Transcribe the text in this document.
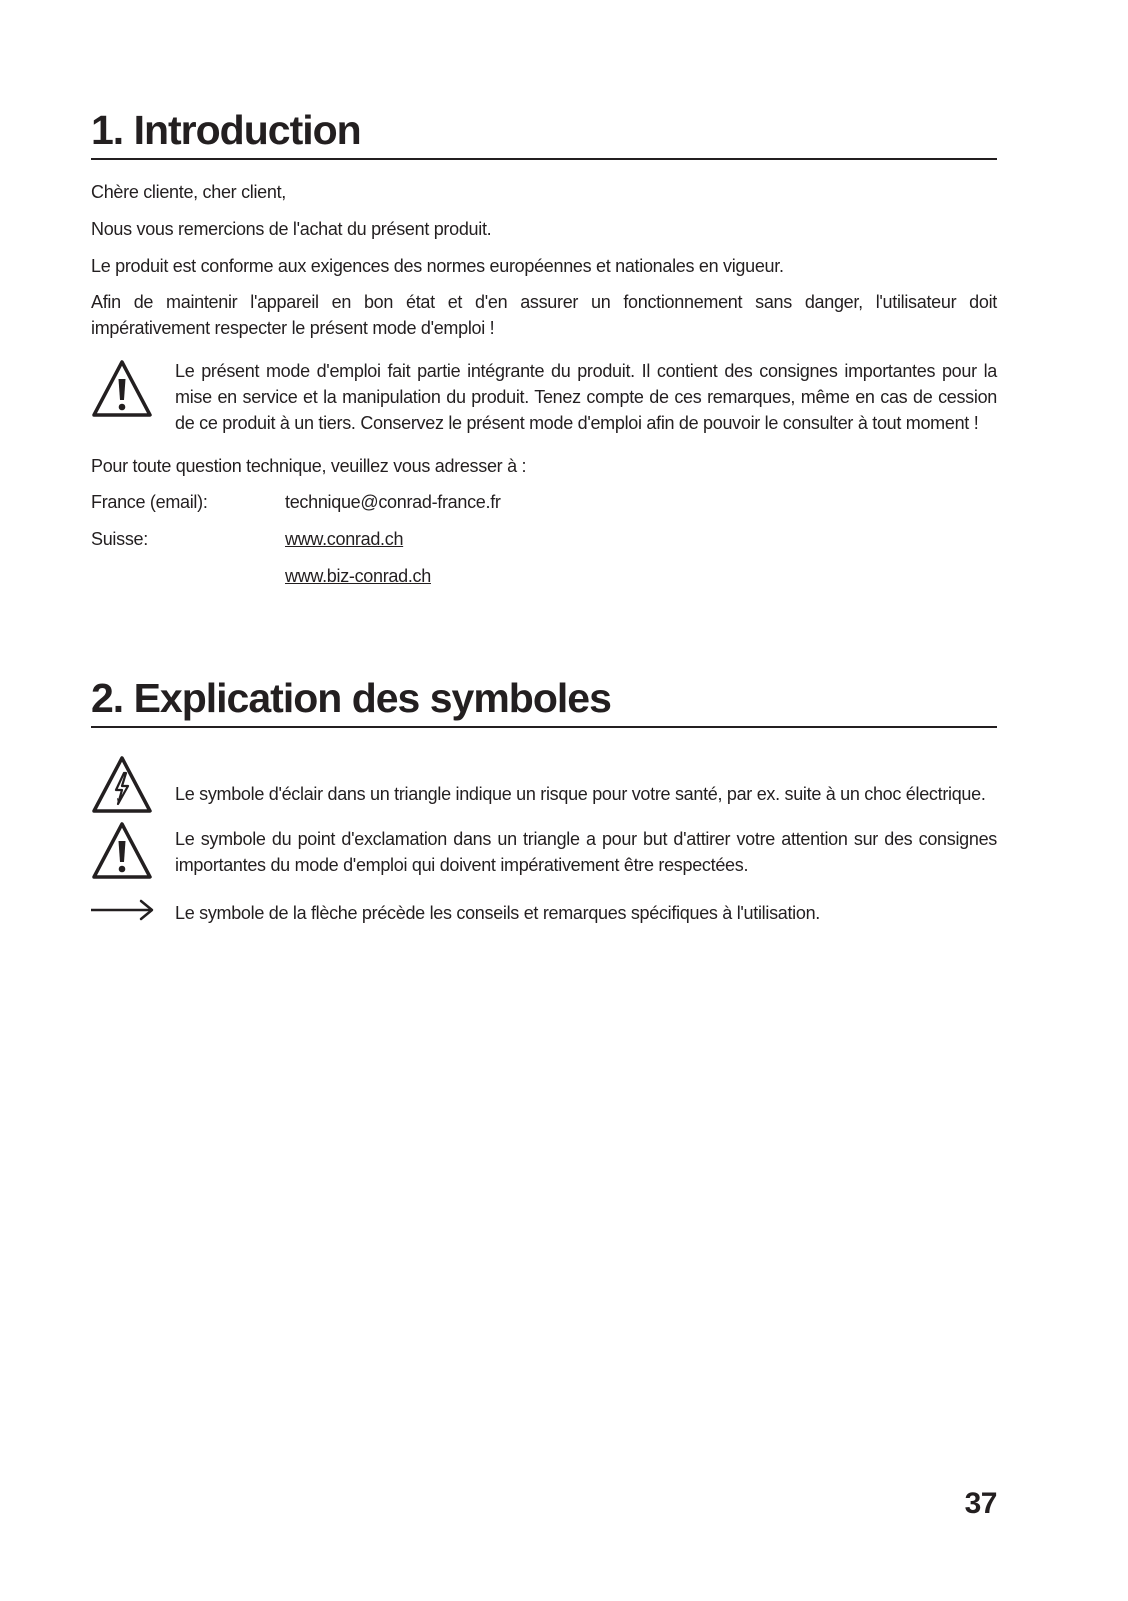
1. Introduction

Chère cliente, cher client,

Nous vous remercions de l'achat du présent produit.

Le produit est conforme aux exigences des normes européennes et nationales en vigueur.

Afin de maintenir l'appareil en bon état et d'en assurer un fonctionnement sans danger, l'utilisateur doit impérativement respecter le présent mode d'emploi !

Le présent mode d'emploi fait partie intégrante du produit. Il contient des consignes importantes pour la mise en service et la manipulation du produit. Tenez compte de ces remarques, même en cas de cession de ce produit à un tiers. Conservez le présent mode d'emploi afin de pouvoir le consulter à tout moment !

Pour toute question technique, veuillez vous adresser à :

France (email):	technique@conrad-france.fr
Suisse:	www.conrad.ch
www.biz-conrad.ch
2. Explication des symboles

Le symbole d'éclair dans un triangle indique un risque pour votre santé, par ex. suite à un choc électrique.

Le symbole du point d'exclamation dans un triangle a pour but d'attirer votre attention sur des consignes importantes du mode d'emploi qui doivent impérativement être respectées.

Le symbole de la flèche précède les conseils et remarques spécifiques à l'utilisation.

37
